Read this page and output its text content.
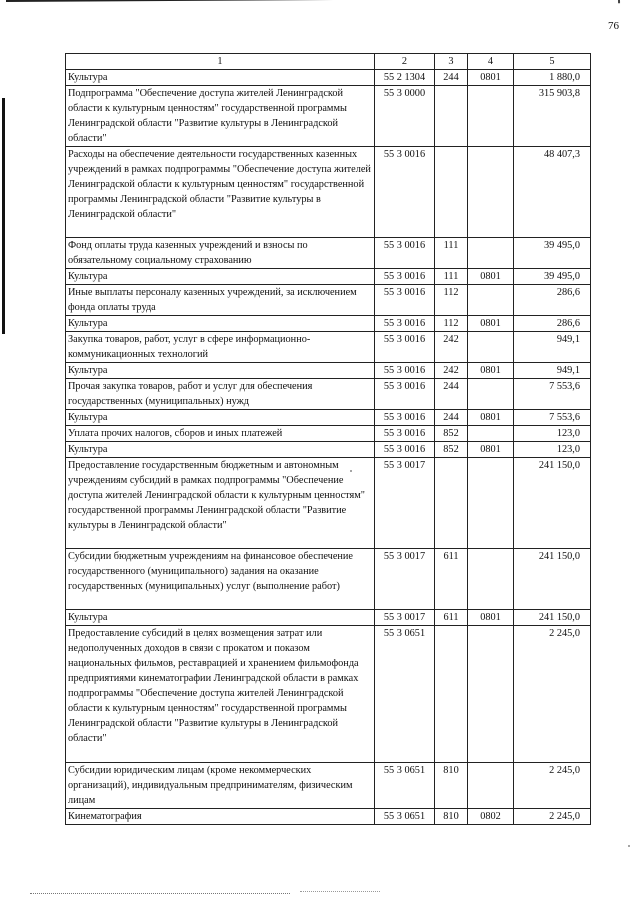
76
1	2	3	4	5
Культура	55 2 1304	244	0801	1 880,0
Подпрограмма "Обеспечение доступа жителей Ленинградской области к культурным ценностям" государственной программы Ленинградской области "Развитие культуры в Ленинградской области"	55 3 0000			315 903,8
Расходы на обеспечение деятельности государственных казенных учреждений в рамках подпрограммы "Обеспечение доступа жителей Ленинградской области к культурным ценностям" государственной программы Ленинградской области "Развитие культуры в Ленинградской области"	55 3 0016			48 407,3
Фонд оплаты труда казенных учреждений и взносы по обязательному социальному страхованию	55 3 0016	111		39 495,0
Культура	55 3 0016	111	0801	39 495,0
Иные выплаты персоналу казенных учреждений, за исключением фонда оплаты труда	55 3 0016	112		286,6
Культура	55 3 0016	112	0801	286,6
Закупка товаров, работ, услуг в сфере информационно-коммуникационных технологий	55 3 0016	242		949,1
Культура	55 3 0016	242	0801	949,1
Прочая закупка товаров, работ и услуг для обеспечения государственных (муниципальных) нужд	55 3 0016	244		7 553,6
Культура	55 3 0016	244	0801	7 553,6
Уплата прочих налогов, сборов и иных платежей	55 3 0016	852		123,0
Культура	55 3 0016	852	0801	123,0
Предоставление государственным бюджетным и автономным учреждениям субсидий в рамках подпрограммы "Обеспечение доступа жителей Ленинградской области к культурным ценностям" государственной программы Ленинградской области "Развитие культуры в Ленинградской области"	55 3 0017			241 150,0
Субсидии бюджетным учреждениям на финансовое обеспечение государственного (муниципального) задания на оказание государственных (муниципальных) услуг (выполнение работ)	55 3 0017	611		241 150,0
Культура	55 3 0017	611	0801	241 150,0
Предоставление субсидий в целях возмещения затрат или недополученных доходов в связи с прокатом и показом национальных фильмов, реставрацией и хранением фильмофонда предприятиями кинематографии Ленинградской области в рамках подпрограммы "Обеспечение доступа жителей Ленинградской области к культурным ценностям" государственной программы Ленинградской области "Развитие культуры в Ленинградской области"	55 3 0651			2 245,0
Субсидии юридическим лицам (кроме некоммерческих организаций), индивидуальным предпринимателям, физическим лицам	55 3 0651	810		2 245,0
Кинематография	55 3 0651	810	0802	2 245,0
